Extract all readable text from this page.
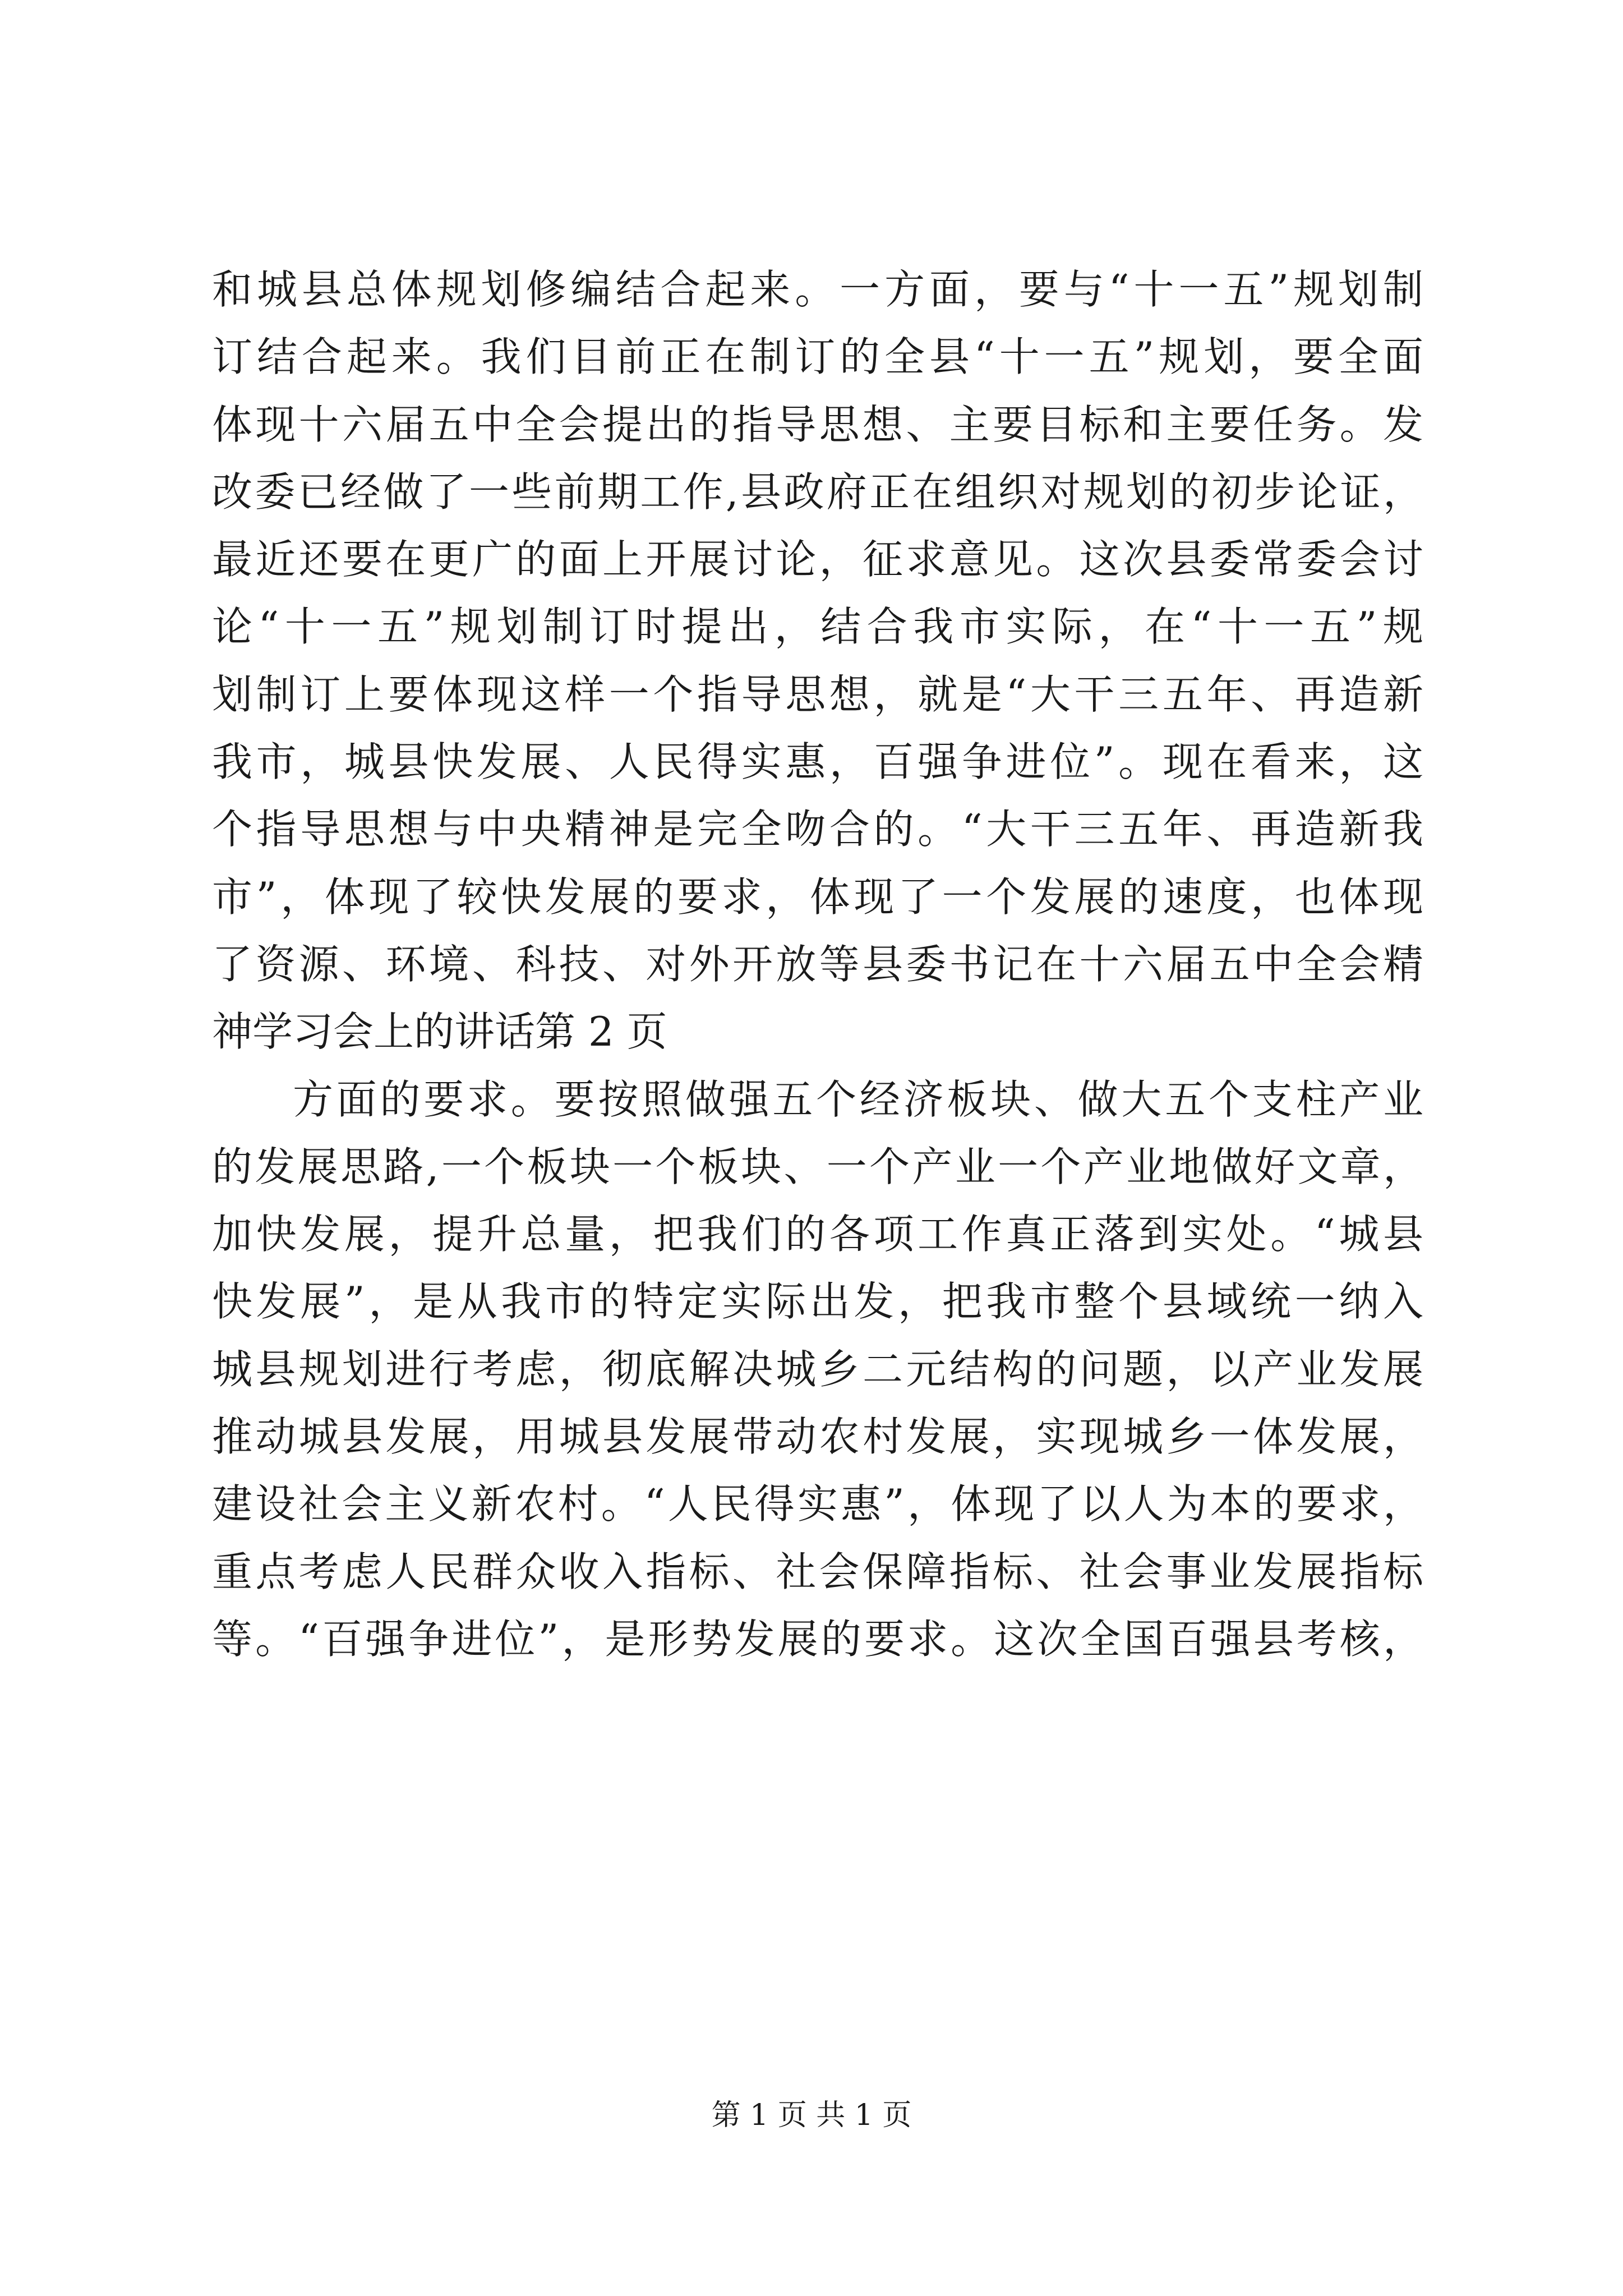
和城县总体规划修编结合起来。一方面，要与“十一五”规划制
订结合起来。我们目前正在制订的全县“十一五”规划，要全面
体现十六届五中全会提出的指导思想、主要目标和主要任务。发
改委已经做了一些前期工作,县政府正在组织对规划的初步论证，
最近还要在更广的面上开展讨论，征求意见。这次县委常委会讨
论“十一五”规划制订时提出，结合我市实际，在“十一五”规
划制订上要体现这样一个指导思想，就是“大干三五年、再造新
我市，城县快发展、人民得实惠，百强争进位”。现在看来，这
个指导思想与中央精神是完全吻合的。“大干三五年、再造新我
市”，体现了较快发展的要求，体现了一个发展的速度，也体现
了资源、环境、科技、对外开放等县委书记在十六届五中全会精
神学习会上的讲话第 2 页
方面的要求。要按照做强五个经济板块、做大五个支柱产业
的发展思路,一个板块一个板块、一个产业一个产业地做好文章，
加快发展，提升总量，把我们的各项工作真正落到实处。“城县
快发展”，是从我市的特定实际出发，把我市整个县域统一纳入
城县规划进行考虑，彻底解决城乡二元结构的问题，以产业发展
推动城县发展，用城县发展带动农村发展，实现城乡一体发展，
建设社会主义新农村。“人民得实惠”，体现了以人为本的要求，
重点考虑人民群众收入指标、社会保障指标、社会事业发展指标
等。“百强争进位”，是形势发展的要求。这次全国百强县考核，
第 1 页 共 1 页
